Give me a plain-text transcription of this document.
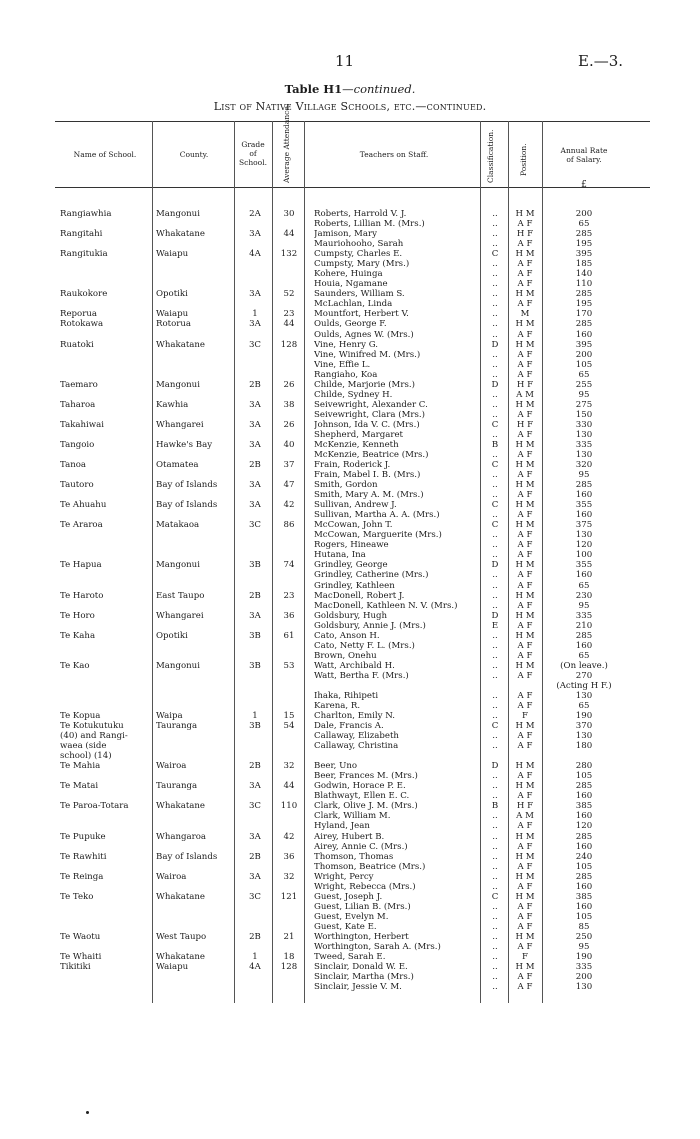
11	E.—3.
Table H1—continued.
List of Native Village Schools, etc.—continued.
Name of School.	County.
Grade
of
School.	Average Attendance.	Teachers on Staff.	Classification.	Position.	Annual Rate
of Salary.
£
Rangiawhia	Mangonui	2A	30	Roberts, Harrold V. J.	..	H M	200
Roberts, Lillian M. (Mrs.)	..	A F	65
Rangitahi	Whakatane	3A	44	Jamison, Mary	..	H F	285
Mauriohooho, Sarah	..	A F	195
Rangitukia	Waiapu	4A	132	Cumpsty, Charles E.	C	H M	395
Cumpsty, Mary (Mrs.)	..	A F	185
Kohere, Huinga	..	A F	140
Houia, Ngamane	..	A F	110
Raukokore	Opotiki	3A	52	Saunders, William S.	..	H M	285
McLachlan, Linda	..	A F	195
Reporua	Waiapu	1	23	Mountfort, Herbert V.	..	M	170
Rotokawa	Rotorua	3A	44	Oulds, George F.	..	H M	285
Oulds, Agnes W. (Mrs.)	..	A F	160
Ruatoki	Whakatane	3C	128	Vine, Henry G.	D	H M	395
Vine, Winifred M. (Mrs.)	..	A F	200
Vine, Effie L.	..	A F	105
Rangiaho, Koa	..	A F	65
Taemaro	Mangonui	2B	26	Childe, Marjorie (Mrs.)	D	H F	255
Childe, Sydney H.	..	A M	95
Taharoa	Kawhia	3A	38	Seivewright, Alexander C.	..	H M	275
Seivewright, Clara (Mrs.)	..	A F	150
Takahiwai	Whangarei	3A	26	Johnson, Ida V. C. (Mrs.)	C	H F	330
Shepherd, Margaret	..	A F	130
Tangoio	Hawke's Bay	3A	40	McKenzie, Kenneth	B	H M	335
McKenzie, Beatrice (Mrs.)	..	A F	130
Tanoa	Otamatea	2B	37	Frain, Roderick J.	C	H M	320
Frain, Mabel I. B. (Mrs.)	..	A F	95
Tautoro	Bay of Islands	3A	47	Smith, Gordon	..	H M	285
Smith, Mary A. M. (Mrs.)	..	A F	160
Te Ahuahu	Bay of Islands	3A	42	Sullivan, Andrew J.	C	H M	355
Sullivan, Martha A. A. (Mrs.)	..	A F	160
Te Araroa	Matakaoa	3C	86	McCowan, John T.	C	H M	375
McCowan, Marguerite (Mrs.)	..	A F	130
Rogers, Hineawe	..	A F	120
Hutana, Ina	..	A F	100
Te Hapua	Mangonui	3B	74	Grindley, George	D	H M	355
Grindley, Catherine (Mrs.)	..	A F	160
Grindley, Kathleen	..	A F	65
Te Haroto	East Taupo	2B	23	MacDonell, Robert J.	..	H M	230
MacDonell, Kathleen N. V. (Mrs.)	..	A F	95
Te Horo	Whangarei	3A	36	Goldsbury, Hugh	D	H M	335
Goldsbury, Annie J. (Mrs.)	E	A F	210
Te Kaha	Opotiki	3B	61	Cato, Anson H.	..	H M	285
Cato, Netty F. L. (Mrs.)	..	A F	160
Brown, Onehu	..	A F	65
Te Kao	Mangonui	3B	53	Watt, Archibald H.	..	H M	(On leave.)
Watt, Bertha F. (Mrs.)	..	A F	270
(Acting H F.)
Ihaka, Rihipeti	..	A F	130
Karena, R.	..	A F	65
Te Kopua	Waipa	1	15	Charlton, Emily N.	..	F	190
Te Kotukutuku	Tauranga	3B	54	Dale, Francis A.	C	H M	370
(40) and Rangi-	Callaway, Elizabeth	..	A F	130
waea (side	Callaway, Christina	..	A F	180
school) (14)
Te Mahia	Wairoa	2B	32	Beer, Uno	D	H M	280
Beer, Frances M. (Mrs.)	..	A F	105
Te Matai	Tauranga	3A	44	Godwin, Horace P. E.	..	H M	285
Blathwayt, Ellen E. C.	..	A F	160
Te Paroa-Totara	Whakatane	3C	110	Clark, Olive J. M. (Mrs.)	B	H F	385
Clark, William M.	..	A M	160
Hyland, Jean	..	A F	120
Te Pupuke	Whangaroa	3A	42	Airey, Hubert B.	..	H M	285
Airey, Annie C. (Mrs.)	..	A F	160
Te Rawhiti	Bay of Islands	2B	36	Thomson, Thomas	..	H M	240
Thomson, Beatrice (Mrs.)	..	A F	105
Te Reinga	Wairoa	3A	32	Wright, Percy	..	H M	285
Wright, Rebecca (Mrs.)	..	A F	160
Te Teko	Whakatane	3C	121	Guest, Joseph J.	C	H M	385
Guest, Lilian B. (Mrs.)	..	A F	160
Guest, Evelyn M.	..	A F	105
Guest, Kate E.	..	A F	85
Te Waotu	West Taupo	2B	21	Worthington, Herbert	..	H M	250
Worthington, Sarah A. (Mrs.)	..	A F	95
Te Whaiti	Whakatane	1	18	Tweed, Sarah E.	..	F	190
Tikitiki	Waiapu	4A	128	Sinclair, Donald W. E.	..	H M	335
Sinclair, Martha (Mrs.)	..	A F	200
Sinclair, Jessie V. M.	..	A F	130
